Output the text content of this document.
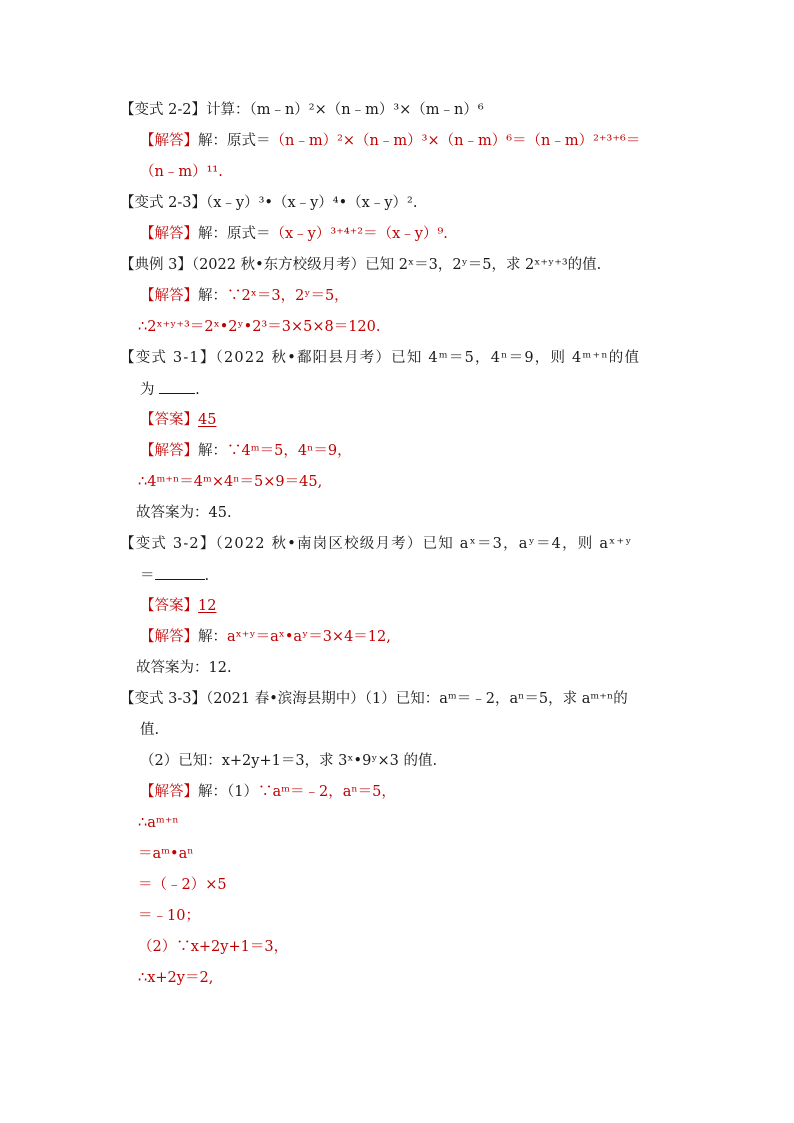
【变式 2-2】计算：（m﹣n）²×（n﹣m）³×（m﹣n）⁶
【解答】解：原式＝（n﹣m）²×（n﹣m）³×（n﹣m）⁶＝（n﹣m）²⁺³⁺⁶＝
（n﹣m）¹¹.
【变式 2-3】（x﹣y）³•（x﹣y）⁴•（x﹣y）².
【解答】解：原式＝（x﹣y）³⁺⁴⁺²＝（x﹣y）⁹.
【典例 3】（2022 秋•东方校级月考）已知 2ˣ＝3，2ʸ＝5，求 2ˣ⁺ʸ⁺³的值.
【解答】解：∵2ˣ＝3，2ʸ＝5，
∴2ˣ⁺ʸ⁺³＝2ˣ•2ʸ•2³＝3×5×8＝120.
【变式 3-1】（2022 秋•鄱阳县月考）已知 4ᵐ＝5，4ⁿ＝9，则 4ᵐ⁺ⁿ的值
为 .
【答案】45
【解答】解：∵4ᵐ＝5，4ⁿ＝9，
∴4ᵐ⁺ⁿ＝4ᵐ×4ⁿ＝5×9＝45,
故答案为：45.
【变式 3-2】（2022 秋•南岗区校级月考）已知 aˣ＝3，aʸ＝4，则 aˣ⁺ʸ
＝	.
【答案】12
【解答】解：aˣ⁺ʸ＝aˣ•aʸ＝3×4＝12,
故答案为：12.
【变式 3-3】（2021 春•滨海县期中）（1）已知：aᵐ＝﹣2，aⁿ＝5，求 aᵐ⁺ⁿ的
值.
（2）已知：x+2y+1＝3，求 3ˣ•9ʸ×3 的值.
【解答】解：（1）∵aᵐ＝﹣2，aⁿ＝5，
∴aᵐ⁺ⁿ
＝aᵐ•aⁿ
＝（﹣2）×5
＝﹣10；
（2）∵x+2y+1＝3，
∴x+2y＝2,
